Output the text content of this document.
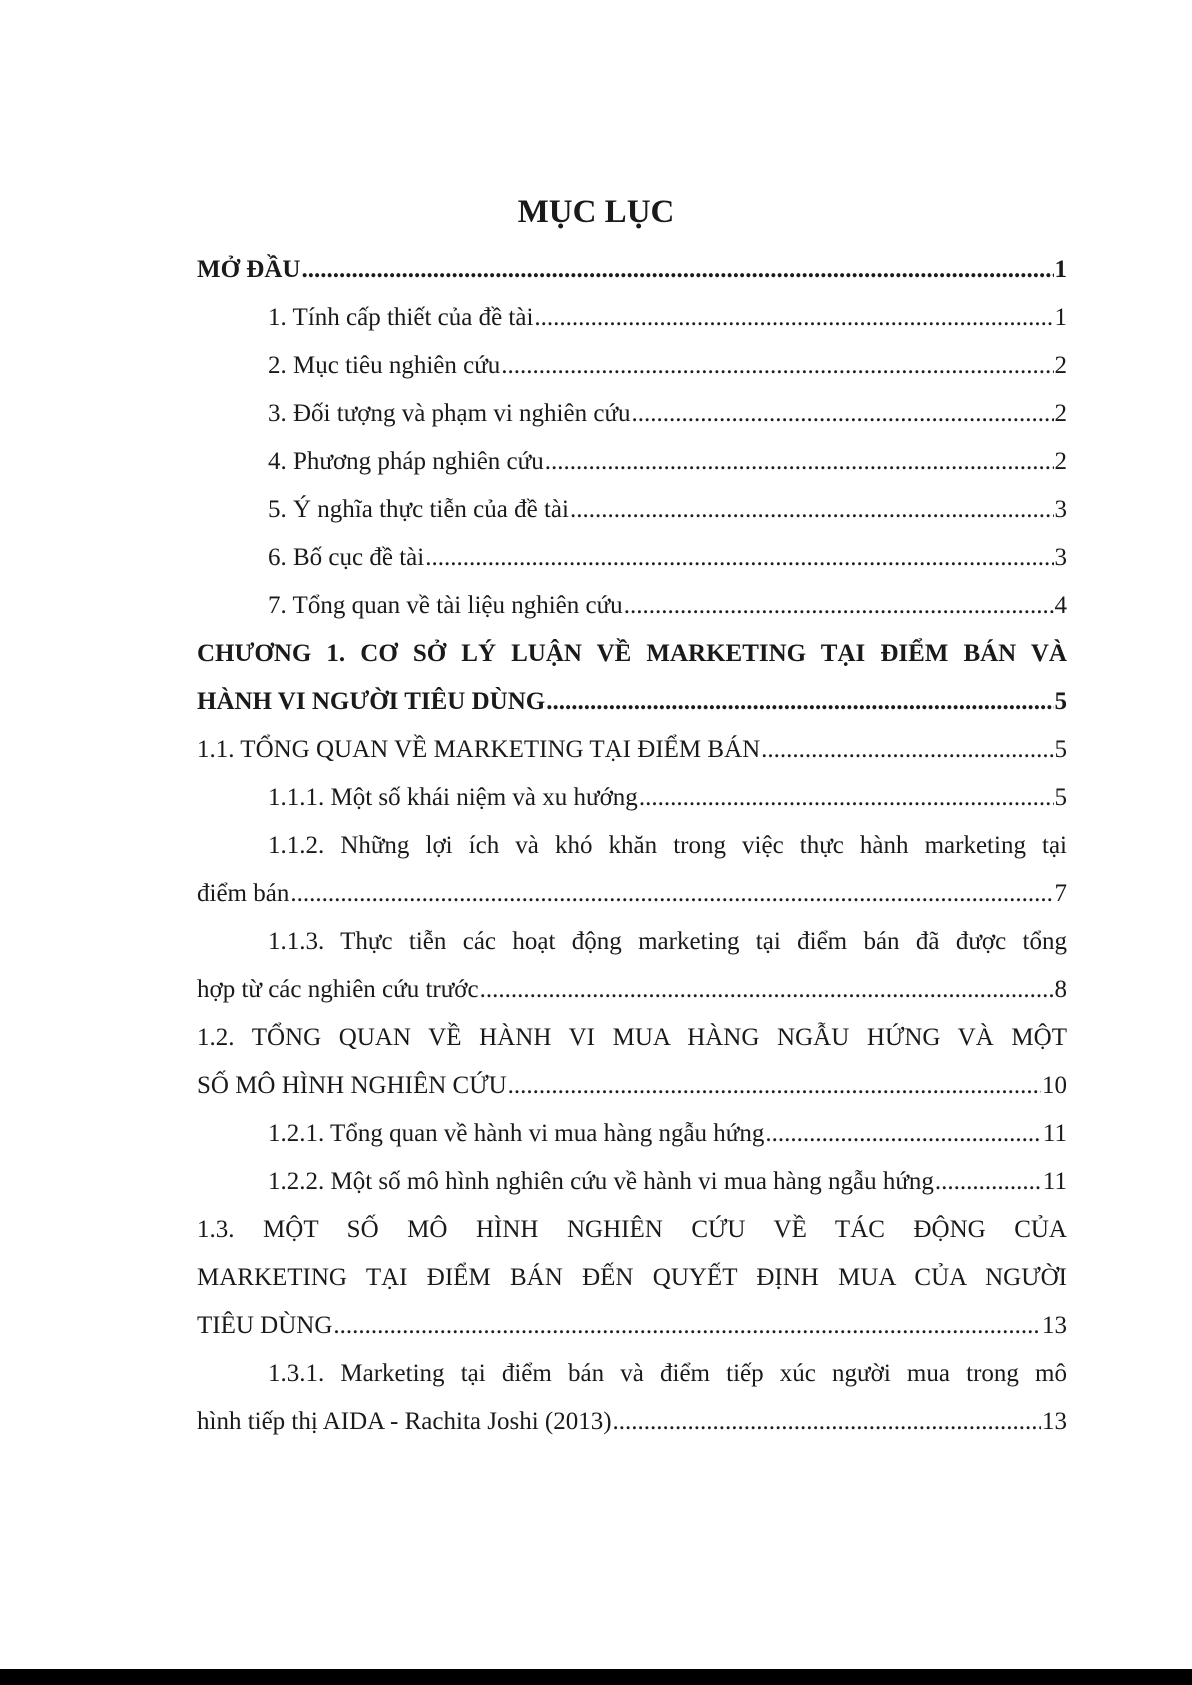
MỤC LỤC
MỞ ĐẦU .....	1
1. Tính cấp thiết của đề tài .....	1
2. Mục tiêu nghiên cứu .....	2
3. Đối tượng và phạm vi nghiên cứu .....	2
4. Phương pháp nghiên cứu .....	2
5. Ý nghĩa thực tiễn của đề tài .....	3
6. Bố cục đề tài .....	3
7. Tổng quan về tài liệu nghiên cứu .....	4
CHƯƠNG 1. CƠ SỞ LÝ LUẬN VỀ MARKETING TẠI ĐIỂM BÁN VÀ
HÀNH VI NGƯỜI TIÊU DÙNG .....	5
1.1. TỔNG QUAN VỀ MARKETING TẠI ĐIỂM BÁN .....	5
1.1.1. Một số khái niệm và xu hướng .....	5
1.1.2. Những lợi ích và khó khăn trong việc thực hành marketing tại
điểm bán .....	7
1.1.3. Thực tiễn các hoạt động marketing tại điểm bán đã được tổng
hợp từ các nghiên cứu trước .....	8
1.2. TỔNG QUAN VỀ HÀNH VI MUA HÀNG NGẪU HỨNG VÀ MỘT
SỐ MÔ HÌNH NGHIÊN CỨU .....	10
1.2.1. Tổng quan về hành vi mua hàng ngẫu hứng .....	11
1.2.2. Một số mô hình nghiên cứu về hành vi mua hàng ngẫu hứng .....	11
1.3. MỘT SỐ MÔ HÌNH NGHIÊN CỨU VỀ TÁC ĐỘNG CỦA
MARKETING TẠI ĐIỂM BÁN ĐẾN QUYẾT ĐỊNH MUA CỦA NGƯỜI
TIÊU DÙNG .....	13
1.3.1. Marketing tại điểm bán và điểm tiếp xúc người mua trong mô
hình tiếp thị AIDA - Rachita Joshi (2013) .....	13
